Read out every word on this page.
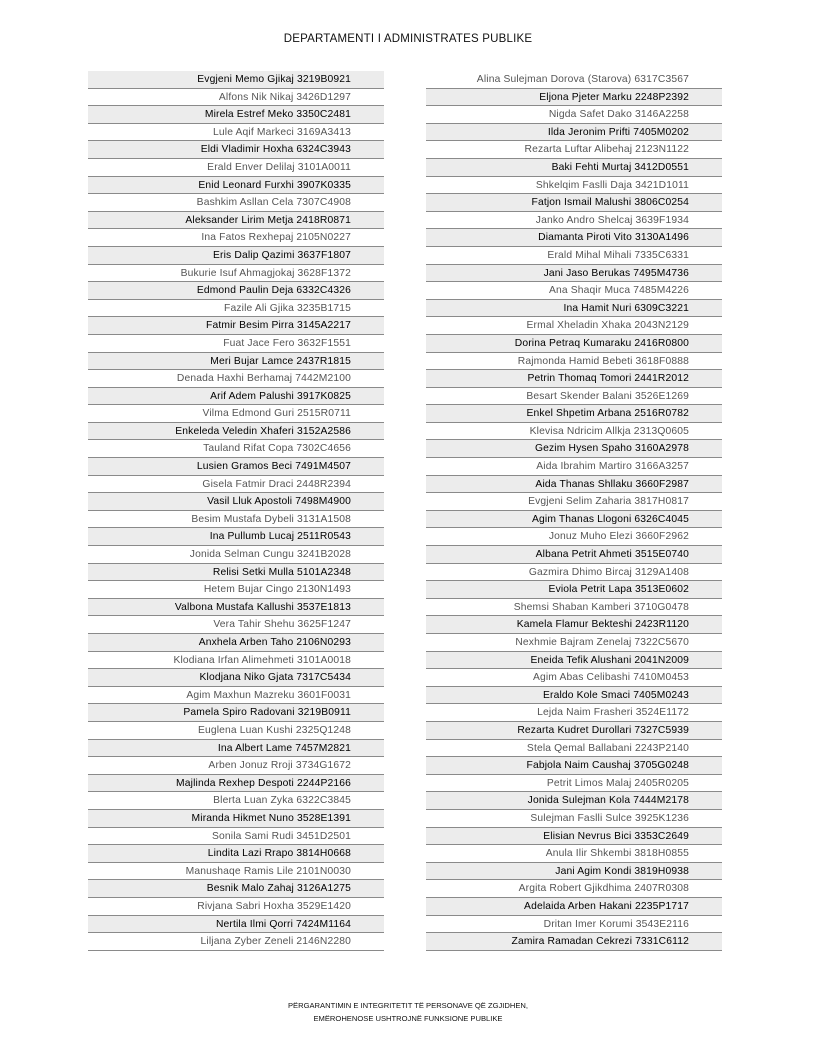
DEPARTAMENTI I ADMINISTRATES PUBLIKE
Evgjeni Memo Gjikaj 3219B0921
Alfons Nik Nikaj 3426D1297
Mirela Estref Meko 3350C2481
Lule Aqif Markeci 3169A3413
Eldi Vladimir Hoxha 6324C3943
Erald Enver Delilaj 3101A0011
Enid Leonard Furxhi 3907K0335
Bashkim Asllan Cela 7307C4908
Aleksander Lirim Metja 2418R0871
Ina Fatos Rexhepaj 2105N0227
Eris Dalip Qazimi 3637F1807
Bukurie Isuf Ahmagjokaj 3628F1372
Edmond Paulin Deja 6332C4326
Fazile Ali Gjika 3235B1715
Fatmir Besim Pirra 3145A2217
Fuat Jace Fero 3632F1551
Meri Bujar Lamce 2437R1815
Denada Haxhi Berhamaj 7442M2100
Arif Adem Palushi 3917K0825
Vilma Edmond Guri 2515R0711
Enkeleda Veledin Xhaferi 3152A2586
Tauland Rifat Copa 7302C4656
Lusien Gramos Beci 7491M4507
Gisela Fatmir Draci 2448R2394
Vasil Lluk Apostoli 7498M4900
Besim Mustafa Dybeli 3131A1508
Ina Pullumb Lucaj 2511R0543
Jonida Selman Cungu 3241B2028
Relisi Setki Mulla 5101A2348
Hetem Bujar Cingo 2130N1493
Valbona Mustafa Kallushi 3537E1813
Vera Tahir Shehu 3625F1247
Anxhela Arben Taho 2106N0293
Klodiana Irfan Alimehmeti 3101A0018
Klodjana Niko Gjata 7317C5434
Agim Maxhun Mazreku 3601F0031
Pamela Spiro Radovani 3219B0911
Euglena Luan Kushi 2325Q1248
Ina Albert Lame 7457M2821
Arben Jonuz Rroji 3734G1672
Majlinda Rexhep Despoti 2244P2166
Blerta Luan Zyka 6322C3845
Miranda Hikmet Nuno 3528E1391
Sonila Sami Rudi 3451D2501
Lindita Lazi Rrapo 3814H0668
Manushaqe Ramis Lile 2101N0030
Besnik Malo Zahaj 3126A1275
Rivjana Sabri Hoxha 3529E1420
Nertila Ilmi Qorri 7424M1164
Liljana Zyber Zeneli 2146N2280
Alina Sulejman Dorova (Starova) 6317C3567
Eljona Pjeter Marku 2248P2392
Nigda Safet Dako 3146A2258
Ilda Jeronim Prifti 7405M0202
Rezarta Luftar Alibehaj 2123N1122
Baki Fehti Murtaj 3412D0551
Shkelqim Faslli Daja 3421D1011
Fatjon Ismail Malushi 3806C0254
Janko Andro Shelcaj 3639F1934
Diamanta Piroti Vito 3130A1496
Erald Mihal Mihali 7335C6331
Jani Jaso Berukas 7495M4736
Ana Shaqir Muca 7485M4226
Ina Hamit Nuri 6309C3221
Ermal Xheladin Xhaka 2043N2129
Dorina Petraq Kumaraku 2416R0800
Rajmonda Hamid Bebeti 3618F0888
Petrin Thomaq Tomori 2441R2012
Besart Skender Balani 3526E1269
Enkel Shpetim Arbana 2516R0782
Klevisa Ndricim Allkja 2313Q0605
Gezim Hysen Spaho 3160A2978
Aida Ibrahim Martiro 3166A3257
Aida Thanas Shllaku 3660F2987
Evgjeni Selim Zaharia 3817H0817
Agim Thanas Llogoni 6326C4045
Jonuz Muho Elezi 3660F2962
Albana Petrit Ahmeti 3515E0740
Gazmira Dhimo Bircaj 3129A1408
Eviola Petrit Lapa 3513E0602
Shemsi Shaban Kamberi 3710G0478
Kamela Flamur Bekteshi 2423R1120
Nexhmie Bajram Zenelaj 7322C5670
Eneida Tefik Alushani 2041N2009
Agim Abas Celibashi 7410M0453
Eraldo Kole Smaci 7405M0243
Lejda Naim Frasheri 3524E1172
Rezarta Kudret Durollari 7327C5939
Stela Qemal Ballabani 2243P2140
Fabjola Naim Caushaj 3705G0248
Petrit Limos Malaj 2405R0205
Jonida Sulejman Kola 7444M2178
Sulejman Faslli Sulce 3925K1236
Elisian Nevrus Bici 3353C2649
Anula Ilir Shkembi 3818H0855
Jani Agim Kondi 3819H0938
Argita Robert Gjikdhima 2407R0308
Adelaida Arben Hakani 2235P1717
Dritan Imer Korumi 3543E2116
Zamira Ramadan Cekrezi 7331C6112
PËRGARANTIMIN E INTEGRITETIT TË PERSONAVE QË ZGJIDHEN,
EMËROHENOSE USHTROJNË FUNKSIONE PUBLIKE
